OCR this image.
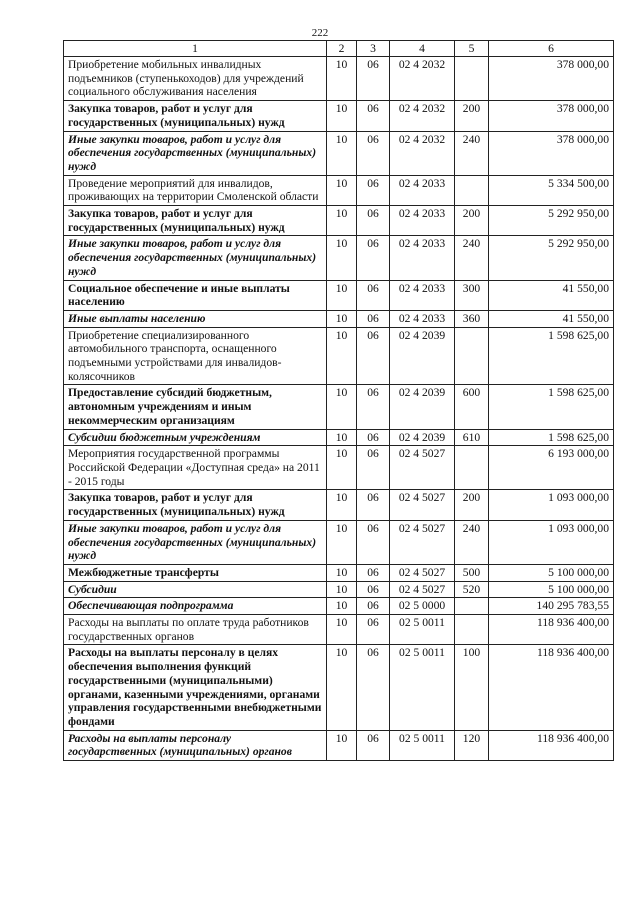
222
1	2	3	4	5	6
Приобретение мобильных инвалидных подъемников (ступенькоходов) для учреждений социального обслуживания населения	10	06	02 4 2032		378 000,00
Закупка товаров, работ и услуг для государственных (муниципальных) нужд	10	06	02 4 2032	200	378 000,00
Иные закупки товаров, работ и услуг для обеспечения государственных (муниципальных) нужд	10	06	02 4 2032	240	378 000,00
Проведение мероприятий для инвалидов, проживающих на территории Смоленской области	10	06	02 4 2033		5 334 500,00
Закупка товаров, работ и услуг для государственных (муниципальных) нужд	10	06	02 4 2033	200	5 292 950,00
Иные закупки товаров, работ и услуг для обеспечения государственных (муниципальных) нужд	10	06	02 4 2033	240	5 292 950,00
Социальное обеспечение и иные выплаты населению	10	06	02 4 2033	300	41 550,00
Иные выплаты населению	10	06	02 4 2033	360	41 550,00
Приобретение специализированного автомобильного транспорта, оснащенного подъемными устройствами для инвалидов-колясочников	10	06	02 4 2039		1 598 625,00
Предоставление субсидий бюджетным, автономным учреждениям и иным некоммерческим организациям	10	06	02 4 2039	600	1 598 625,00
Субсидии бюджетным учреждениям	10	06	02 4 2039	610	1 598 625,00
Мероприятия государственной программы Российской Федерации «Доступная среда» на 2011 - 2015 годы	10	06	02 4 5027		6 193 000,00
Закупка товаров, работ и услуг для государственных (муниципальных) нужд	10	06	02 4 5027	200	1 093 000,00
Иные закупки товаров, работ и услуг для обеспечения государственных (муниципальных) нужд	10	06	02 4 5027	240	1 093 000,00
Межбюджетные трансферты	10	06	02 4 5027	500	5 100 000,00
Субсидии	10	06	02 4 5027	520	5 100 000,00
Обеспечивающая подпрограмма	10	06	02 5 0000		140 295 783,55
Расходы на выплаты по оплате труда работников государственных органов	10	06	02 5 0011		118 936 400,00
Расходы на выплаты персоналу в целях обеспечения выполнения функций государственными (муниципальными) органами, казенными учреждениями, органами управления государственными внебюджетными фондами	10	06	02 5 0011	100	118 936 400,00
Расходы на выплаты персоналу государственных (муниципальных) органов	10	06	02 5 0011	120	118 936 400,00
